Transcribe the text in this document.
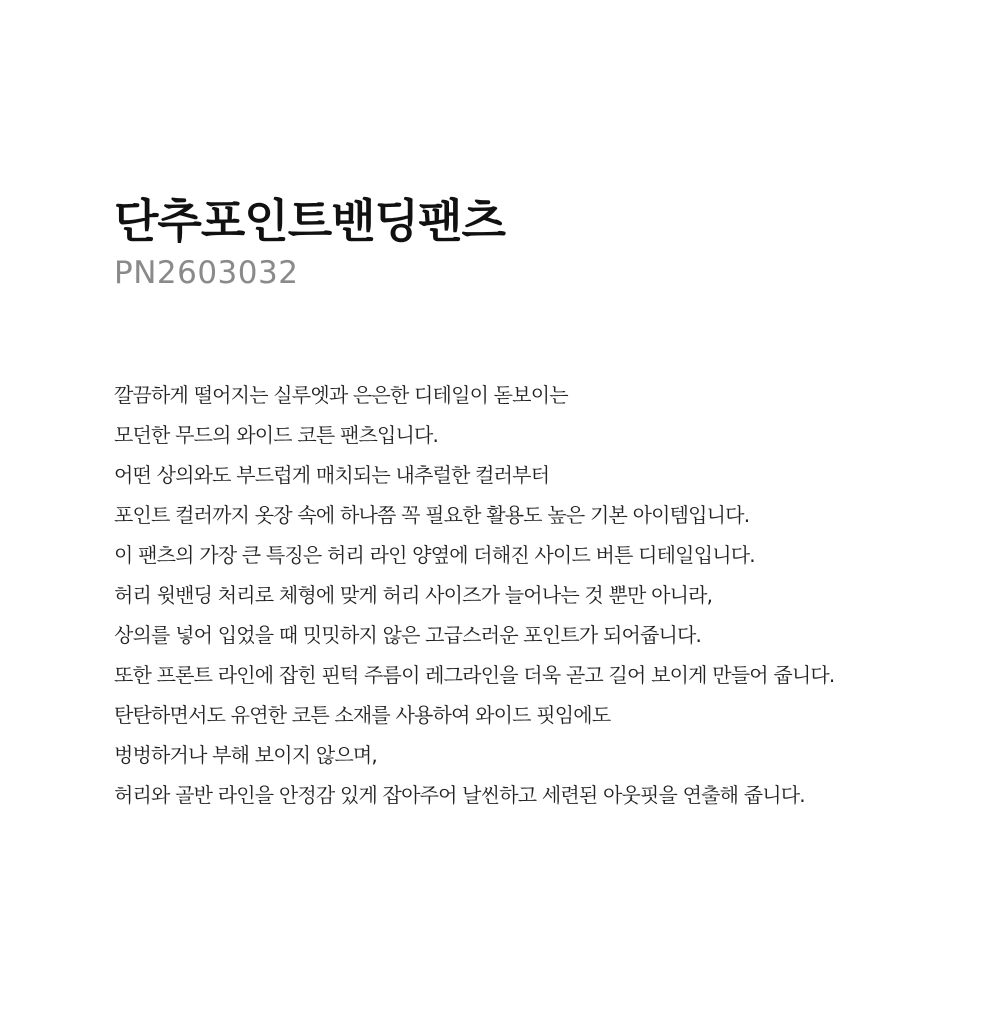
단추포인트밴딩팬츠
PN2603032
깔끔하게 떨어지는 실루엣과 은은한 디테일이 돋보이는
모던한 무드의 와이드 코튼 팬츠입니다.
어떤 상의와도 부드럽게 매치되는 내추럴한 컬러부터
포인트 컬러까지 옷장 속에 하나쯤 꼭 필요한 활용도 높은 기본 아이템입니다.
이 팬츠의 가장 큰 특징은 허리 라인 양옆에 더해진 사이드 버튼 디테일입니다.
허리 윗밴딩 처리로 체형에 맞게 허리 사이즈가 늘어나는 것 뿐만 아니라,
상의를 넣어 입었을 때 밋밋하지 않은 고급스러운 포인트가 되어줍니다.
또한 프론트 라인에 잡힌 핀턱 주름이 레그라인을 더욱 곧고 길어 보이게 만들어 줍니다.
탄탄하면서도 유연한 코튼 소재를 사용하여 와이드 핏임에도
벙벙하거나 부해 보이지 않으며,
허리와 골반 라인을 안정감 있게 잡아주어 날씬하고 세련된 아웃핏을 연출해 줍니다.
